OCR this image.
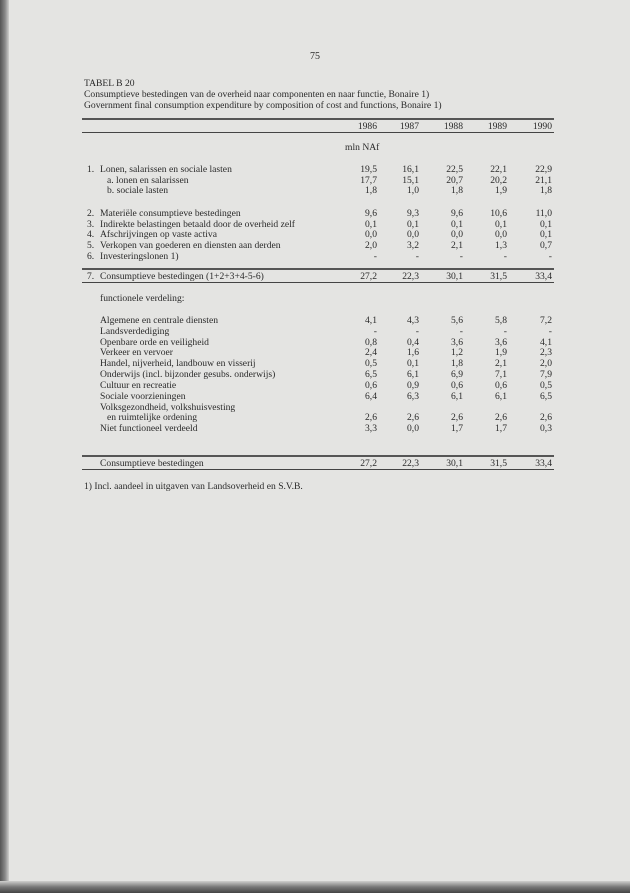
75
TABEL B 20
Consumptieve bestedingen van de overheid naar componenten en naar functie, Bonaire 1)
Government final consumption expenditure by composition of cost and functions, Bonaire 1)
1986	1987	1988	1989	1990
mln NAf
1. Lonen, salarissen en sociale lasten	19,5	16,1	22,5	22,1	22,9
a. lonen en salarissen	17,7	15,1	20,7	20,2	21,1
b. sociale lasten	1,8	1,0	1,8	1,9	1,8
2. Materiële consumptieve bestedingen	9,6	9,3	9,6	10,6	11,0
3. Indirekte belastingen betaald door de overheid zelf	0,1	0,1	0,1	0,1	0,1
4. Afschrijvingen op vaste activa	0,0	0,0	0,0	0,0	0,1
5. Verkopen van goederen en diensten aan derden	2,0	3,2	2,1	1,3	0,7
6. Investeringslonen 1)	-	-	-	-	-
7. Consumptieve bestedingen (1+2+3+4-5-6)	27,2	22,3	30,1	31,5	33,4
functionele verdeling:
Algemene en centrale diensten	4,1	4,3	5,6	5,8	7,2
Landsverdediging	-	-	-	-	-
Openbare orde en veiligheid	0,8	0,4	3,6	3,6	4,1
Verkeer en vervoer	2,4	1,6	1,2	1,9	2,3
Handel, nijverheid, landbouw en visserij	0,5	0,1	1,8	2,1	2,0
Onderwijs (incl. bijzonder gesubs. onderwijs)	6,5	6,1	6,9	7,1	7,9
Cultuur en recreatie	0,6	0,9	0,6	0,6	0,5
Sociale voorzieningen	6,4	6,3	6,1	6,1	6,5
Volksgezondheid, volkshuisvesting
en ruimtelijke ordening	2,6	2,6	2,6	2,6	2,6
Niet functioneel verdeeld	3,3	0,0	1,7	1,7	0,3
Consumptieve bestedingen	27,2	22,3	30,1	31,5	33,4
1) Incl. aandeel in uitgaven van Landsoverheid en S.V.B.
